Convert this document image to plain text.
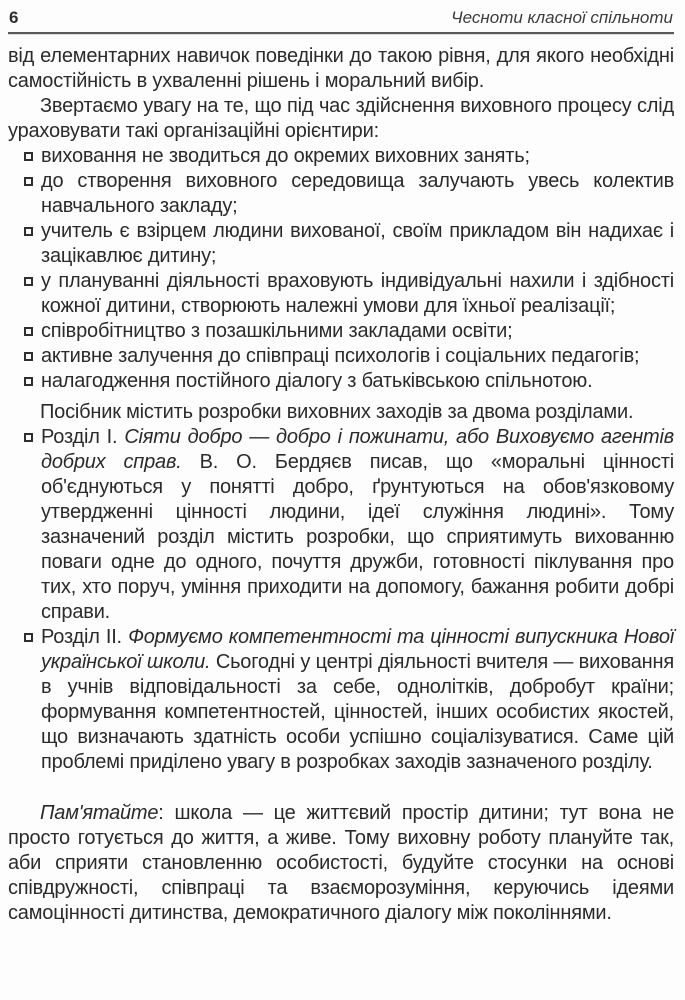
6	Чесноти класної спільноти

від елементарних навичок поведінки до такою рівня, для якого необхідні самостійність в ухваленні рішень і моральний вибір.

Звертаємо увагу на те, що під час здійснення виховного процесу слід ураховувати такі організаційні орієнтири:

виховання не зводиться до окремих виховних занять;
до створення виховного середовища залучають увесь колектив навчального закладу;
учитель є взірцем людини вихованої, своїм прикладом він надихає і зацікавлює дитину;
у плануванні діяльності враховують індивідуальні нахили і здібності кожної дитини, створюють належні умови для їхньої реалізації;
співробітництво з позашкільними закладами освіти;
активне залучення до співпраці психологів і соціальних педагогів;
налагодження постійного діалогу з батьківською спільнотою.

Посібник містить розробки виховних заходів за двома розділами.

Розділ I. Сіяти добро — добро і пожинати, або Виховуємо агентів добрих справ. В. О. Бердяєв писав, що «моральні цінності об'єднуються у понятті добро, ґрунтуються на обов'язковому утвердженні цінності людини, ідеї служіння людині». Тому зазначений розділ містить розробки, що сприятимуть вихованню поваги одне до одного, почуття дружби, готовності піклування про тих, хто поруч, уміння приходити на допомогу, бажання робити добрі справи.
Розділ II. Формуємо компетентності та цінності випускника Нової української школи. Сьогодні у центрі діяльності вчителя — виховання в учнів відповідальності за себе, однолітків, добробут країни; формування компетентностей, цінностей, інших особистих якостей, що визначають здатність особи успішно соціалізуватися. Саме цій проблемі приділено увагу в розробках заходів зазначеного розділу.

Пам'ятайте: школа — це життєвий простір дитини; тут вона не просто готується до життя, а живе. Тому виховну роботу плануйте так, аби сприяти становленню особистості, будуйте стосунки на основі співдружності, співпраці та взаєморозуміння, керуючись ідеями самоцінності дитинства, демократичного діалогу між поколіннями.
